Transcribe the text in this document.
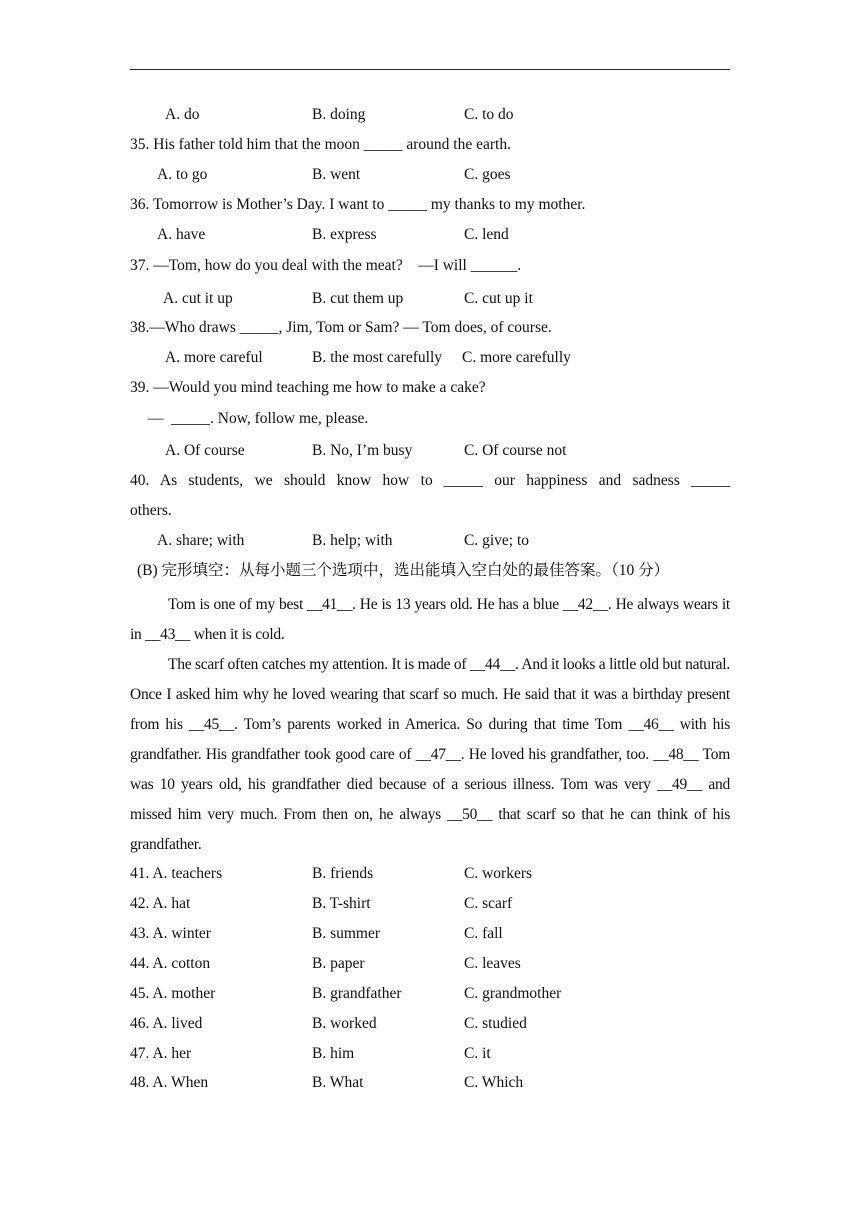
A. do	B. doing	C. to do
35. His father told him that the moon _____ around the earth.
A. to go	B. went	C. goes
36. Tomorrow is Mother’s Day. I want to _____ my thanks to my mother.
A. have	B. express	C. lend
37. —Tom, how do you deal with the meat?    —I will ______.
A. cut it up	B. cut them up	C. cut up it
38.—Who draws _____, Jim, Tom or Sam? — Tom does, of course.
A. more careful	B. the most carefully C. more carefully
39. —Would you mind teaching me how to make a cake?
—  _____. Now, follow me, please.
A. Of course	B. No, I’m busy	C. Of course not
40. As students, we should know how to _____ our happiness and sadness _____
others.
A. share; with	B. help; with	C. give; to
(B) 完形填空：从每小题三个选项中，选出能填入空白处的最佳答案。（10 分）

Tom is one of my best __41__. He is 13 years old. He has a blue __42__. He always wears it in __43__ when it is cold.

The scarf often catches my attention. It is made of __44__. And it looks a little old but natural. Once I asked him why he loved wearing that scarf so much. He said that it was a birthday present from his __45__. Tom’s parents worked in America. So during that time Tom __46__ with his grandfather. His grandfather took good care of __47__. He loved his grandfather, too. __48__ Tom was 10 years old, his grandfather died because of a serious illness. Tom was very __49__ and missed him very much. From then on, he always __50__ that scarf so that he can think of his grandfather.

41. A. teachers	B. friends	C. workers
42. A. hat	B. T-shirt	C. scarf
43. A. winter	B. summer	C. fall
44. A. cotton	B. paper	C. leaves
45. A. mother	B. grandfather	C. grandmother
46. A. lived	B. worked	C. studied
47. A. her	B. him	C. it
48. A. When	B. What	C. Which
